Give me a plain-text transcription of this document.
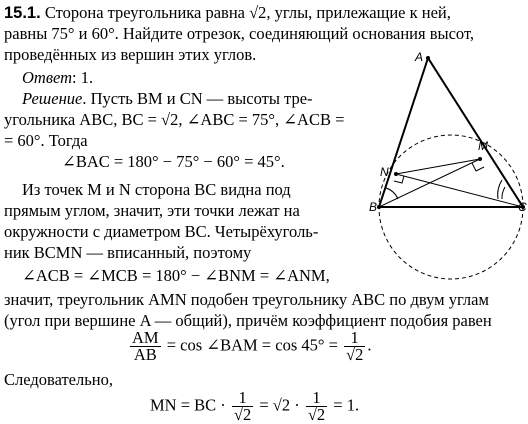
15.1. Сторона треугольника равна √2, углы, прилежащие к ней,
равны 75° и 60°. Найдите отрезок, соединяющий основания высот,
проведённых из вершин этих углов.
Ответ: 1.
Решение. Пусть BM и CN — высоты тре-
угольника ABC, BC = √2, ∠ABC = 75°, ∠ACB =
= 60°. Тогда
∠BAC = 180° − 75° − 60° = 45°.
Из точек M и N сторона BC видна под
прямым углом, значит, эти точки лежат на
окружности с диаметром BC. Четырёхуголь-
ник BCMN — вписанный, поэтому
∠ACB = ∠MCB = 180° − ∠BNM = ∠ANM,
значит, треугольник AMN подобен треугольнику ABC по двум углам
(угол при вершине A — общий), причём коэффициент подобия равен
$\frac{AM}{AB} = \cos$ ∠BAM = $\cos 45^\circ = \frac{1}{√2}$ .
Следовательно,
MN = BC · $\frac{1}{√2} = √2 \cdot \frac{1}{√2} = 1$.
A
B	C
M
N
